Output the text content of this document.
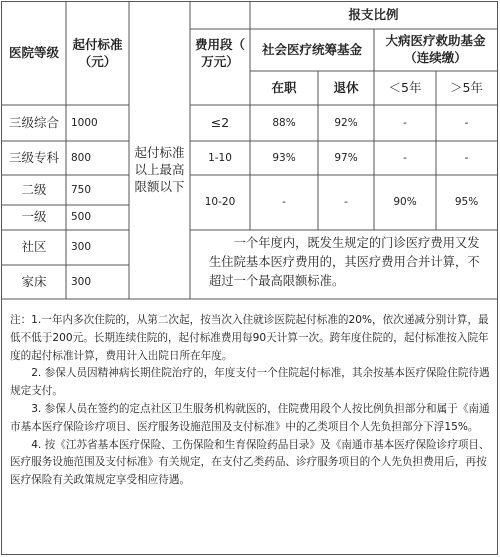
医院等级
起付标准
（元）
费用段（
万元）
报支比例
社会医疗统筹基金
大病医疗救助基金
（连续缴）
在职	退休	＜5年	＞5年
起付标准
以上最高
限额以下
三级综合	1000
三级专科	800
二级	750
一级	500
社区	300
家床	300
≤2	88%	92%	-	-
1-10	93%	97%	-	-
10-20	-	-	90%	95%
一个年度内，既发生规定的门诊医疗费用又发生住院基本医疗费用的，其医疗费用合并计算，不超过一个最高限额标准。

注：1.一年内多次住院的，从第二次起，按当次入住就诊医院起付标准的20%，依次递减分别计算，最低不低于200元。长期连续住院的，起付标准费用每90天计算一次。跨年度住院的，起付标准按入院年度的起付标准计算，费用计入出院日所在年度。

2. 参保人员因精神病长期住院治疗的，年度支付一个住院起付标准，其余按基本医疗保险住院待遇规定支付。

3. 参保人员在签约的定点社区卫生服务机构就医的，住院费用段个人按比例负担部分和属于《南通市基本医疗保险诊疗项目、医疗服务设施范围及支付标准》中的乙类项目个人先负担部分下浮15%。

4. 按《江苏省基本医疗保险、工伤保险和生育保险药品目录》及《南通市基本医疗保险诊疗项目、医疗服务设施范围及支付标准》有关规定，在支付乙类药品、诊疗服务项目的个人先负担费用后，再按医疗保险有关政策规定享受相应待遇。
